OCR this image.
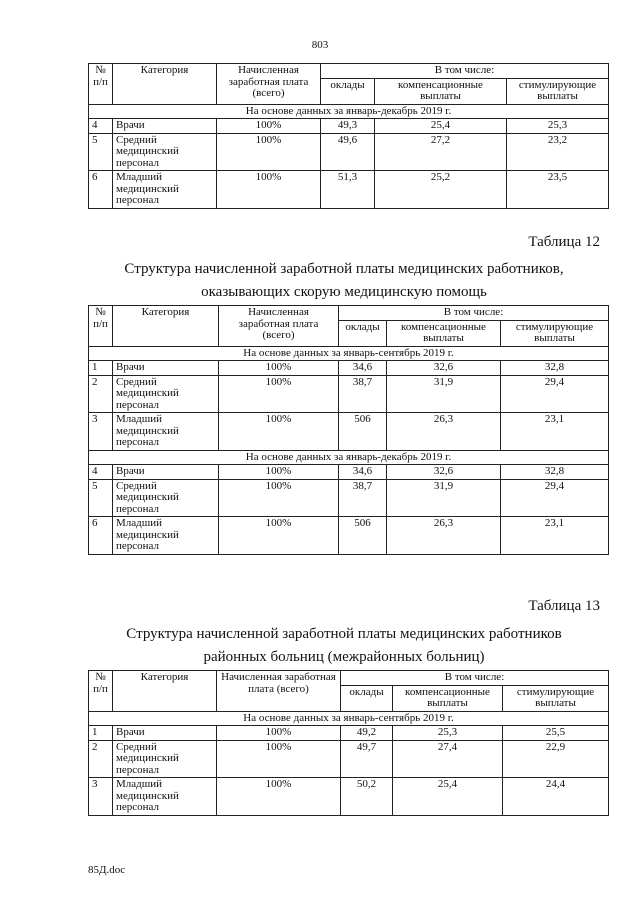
803
№ п/п	Категория	Начисленная заработная плата (всего)	В том числе:		
			оклады	компенсационные выплаты	стимулирующие выплаты
На основе данных за январь-декабрь 2019 г.					
4	Врачи	100%	49,3	25,4	25,3
5	Средний медицинский персонал	100%	49,6	27,2	23,2
6	Младший медицинский персонал	100%	51,3	25,2	23,5
Таблица 12
Структура начисленной заработной платы медицинских работников,
оказывающих скорую медицинскую помощь
№ п/п	Категория	Начисленная заработная плата (всего)	В том числе:		
			оклады	компенсационные выплаты	стимулирующие выплаты
На основе данных за январь-сентябрь 2019 г.					
1	Врачи	100%	34,6	32,6	32,8
2	Средний медицинский персонал	100%	38,7	31,9	29,4
3	Младший медицинский персонал	100%	506	26,3	23,1
На основе данных за январь-декабрь 2019 г.					
4	Врачи	100%	34,6	32,6	32,8
5	Средний медицинский персонал	100%	38,7	31,9	29,4
6	Младший медицинский персонал	100%	506	26,3	23,1
Таблица 13
Структура начисленной заработной платы медицинских работников
районных больниц (межрайонных больниц)
№ п/п	Категория	Начисленная заработная плата (всего)	В том числе:		
			оклады	компенсационные выплаты	стимулирующие выплаты
На основе данных за январь-сентябрь 2019 г.					
1	Врачи	100%	49,2	25,3	25,5
2	Средний медицинский персонал	100%	49,7	27,4	22,9
3	Младший медицинский персонал	100%	50,2	25,4	24,4
85Д.doc
